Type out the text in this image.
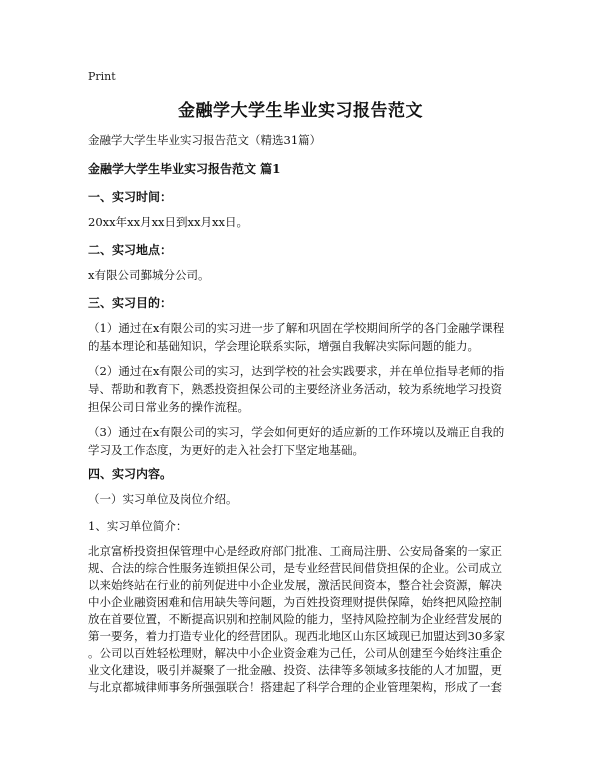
Print
金融学大学生毕业实习报告范文
金融学大学生毕业实习报告范文（精选31篇）
金融学大学生毕业实习报告范文 篇1
一、实习时间：
20xx年xx月xx日到xx月xx日。
二、实习地点：
x有限公司鄞城分公司。
三、实习目的：
（1）通过在x有限公司的实习进一步了解和巩固在学校期间所学的各门金融学课程
的基本理论和基础知识，学会理论联系实际，增强自我解决实际问题的能力。
（2）通过在x有限公司的实习，达到学校的社会实践要求，并在单位指导老师的指
导、帮助和教育下，熟悉投资担保公司的主要经济业务活动，较为系统地学习投资
担保公司日常业务的操作流程。
（3）通过在x有限公司的实习，学会如何更好的适应新的工作环境以及端正自我的
学习及工作态度，为更好的走入社会打下坚定地基础。
四、实习内容。
（一）实习单位及岗位介绍。
1、实习单位简介：
北京富桥投资担保管理中心是经政府部门批准、工商局注册、公安局备案的一家正
规、合法的综合性服务连锁担保公司，是专业经营民间借贷担保的企业。公司成立
以来始终站在行业的前列促进中小企业发展，激活民间资本，整合社会资源，解决
中小企业融资困难和信用缺失等问题，为百姓投资理财提供保障，始终把风险控制
放在首要位置，不断提高识别和控制风险的能力，坚持风险控制为企业经营发展的
第一要务，着力打造专业化的经营团队。现西北地区山东区域现已加盟达到30多家
。公司以百姓轻松理财，解决中小企业资金难为己任，公司从创建至今始终注重企
业文化建设，吸引并凝聚了一批金融、投资、法律等多领域多技能的人才加盟，更
与北京都城律师事务所强强联合！搭建起了科学合理的企业管理架构，形成了一套
